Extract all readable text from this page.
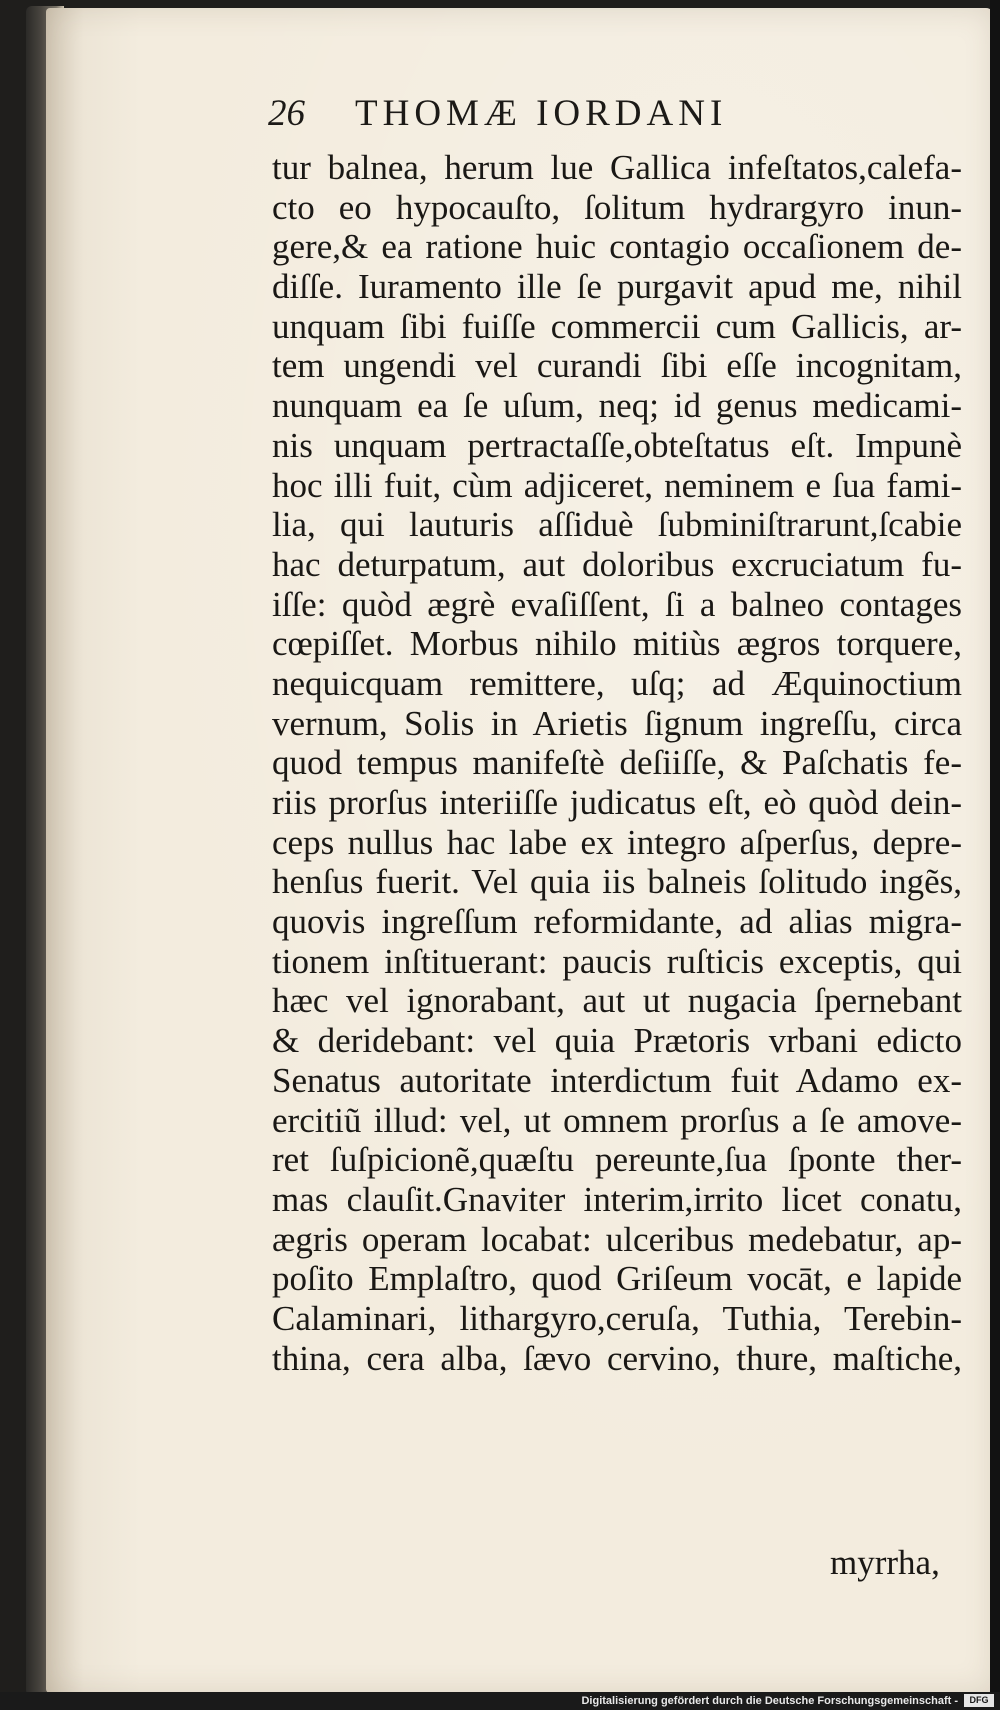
26 THOMÆ IORDANI
tur balnea, herum lue Gallica infeſtatos,calefa-
cto eo hypocauſto, ſolitum hydrargyro inun-
gere,& ea ratione huic contagio occaſionem de-
diſſe. Iuramento ille ſe purgavit apud me, nihil
unquam ſibi fuiſſe commercii cum Gallicis, ar-
tem ungendi vel curandi ſibi eſſe incognitam,
nunquam ea ſe uſum, neq; id genus medicami-
nis unquam pertractaſſe,obteſtatus eſt. Impunè
hoc illi fuit, cùm adjiceret, neminem e ſua fami-
lia, qui lauturis aſſiduè ſubminiſtrarunt,ſcabie
hac deturpatum, aut doloribus excruciatum fu-
iſſe: quòd ægrè evaſiſſent, ſi a balneo contages
cœpiſſet. Morbus nihilo mitiùs ægros torquere,
nequicquam remittere, uſq; ad Æquinoctium
vernum, Solis in Arietis ſignum ingreſſu, circa
quod tempus manifeſtè deſiiſſe, & Paſchatis fe-
riis prorſus interiiſſe judicatus eſt, eò quòd dein-
ceps nullus hac labe ex integro aſperſus, depre-
henſus fuerit. Vel quia iis balneis ſolitudo ingẽs,
quovis ingreſſum reformidante, ad alias migra-
tionem inſtituerant: paucis ruſticis exceptis, qui
hæc vel ignorabant, aut ut nugacia ſpernebant
& deridebant: vel quia Prætoris vrbani edicto
Senatus autoritate interdictum fuit Adamo ex-
ercitiũ illud: vel, ut omnem prorſus a ſe amove-
ret ſuſpicionẽ,quæſtu pereunte,ſua ſponte ther-
mas clauſit.Gnaviter interim,irrito licet conatu,
ægris operam locabat: ulceribus medebatur, ap-
poſito Emplaſtro, quod Griſeum vocāt, e lapide
Calaminari, lithargyro,ceruſa, Tuthia, Terebin-
thina, cera alba, ſævo cervino, thure, maſtiche,
myrrha,
Digitalisierung gefördert durch die Deutsche Forschungsgemeinschaft -	DFG
